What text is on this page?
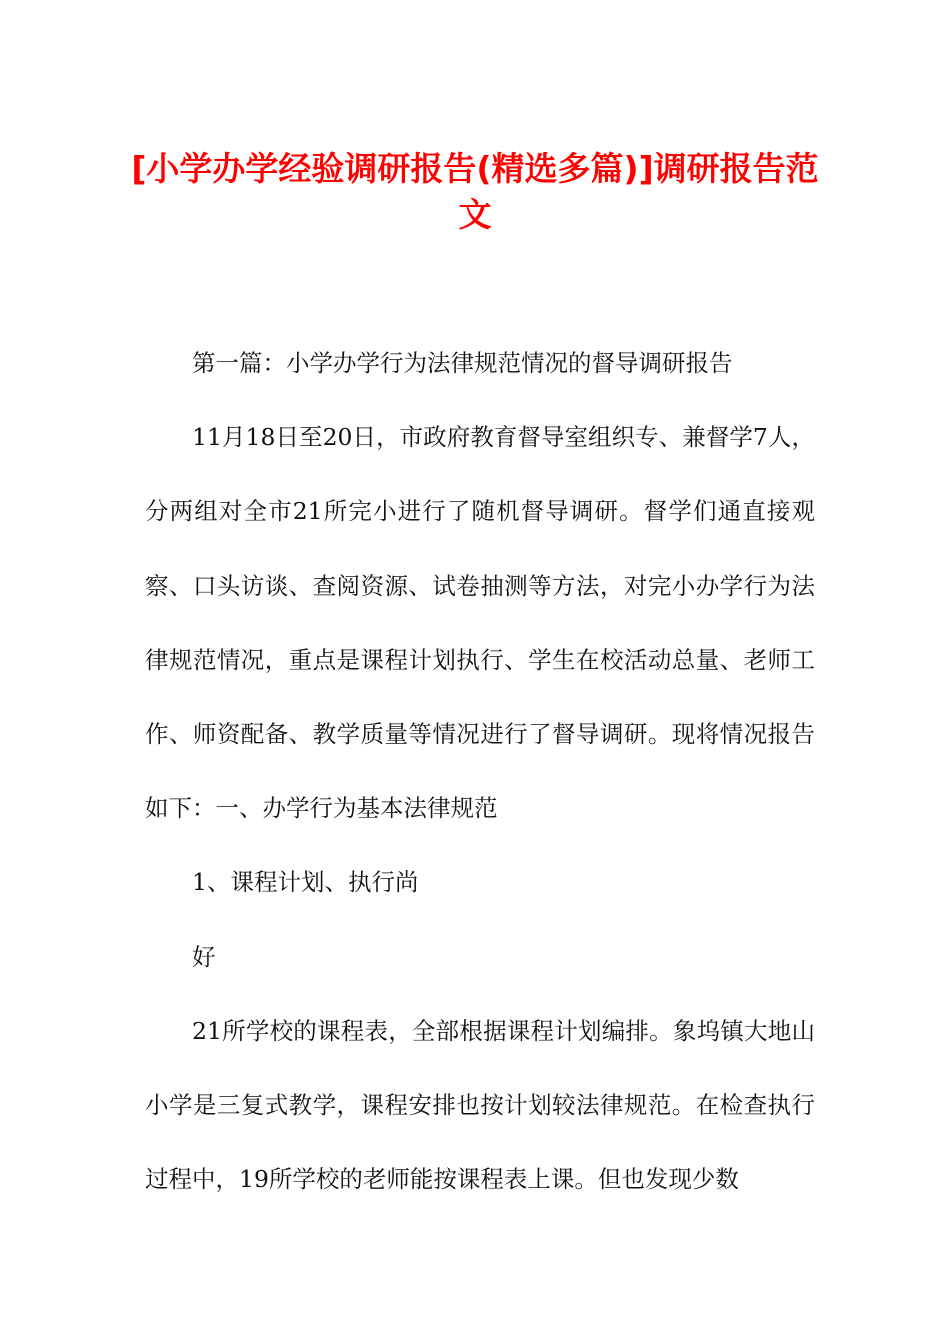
[小学办学经验调研报告(精选多篇)]调研报告范文

第一篇：小学办学行为法律规范情况的督导调研报告

11月18日至20日，市政府教育督导室组织专、兼督学7人，分两组对全市21所完小进行了随机督导调研。督学们通直接观察、口头访谈、查阅资源、试卷抽测等方法，对完小办学行为法律规范情况，重点是课程计划执行、学生在校活动总量、老师工作、师资配备、教学质量等情况进行了督导调研。现将情况报告如下：一、办学行为基本法律规范

1、课程计划、执行尚

好

21所学校的课程表，全部根据课程计划编排。象坞镇大地山小学是三复式教学，课程安排也按计划较法律规范。在检查执行过程中，19所学校的老师能按课程表上课。但也发现少数
